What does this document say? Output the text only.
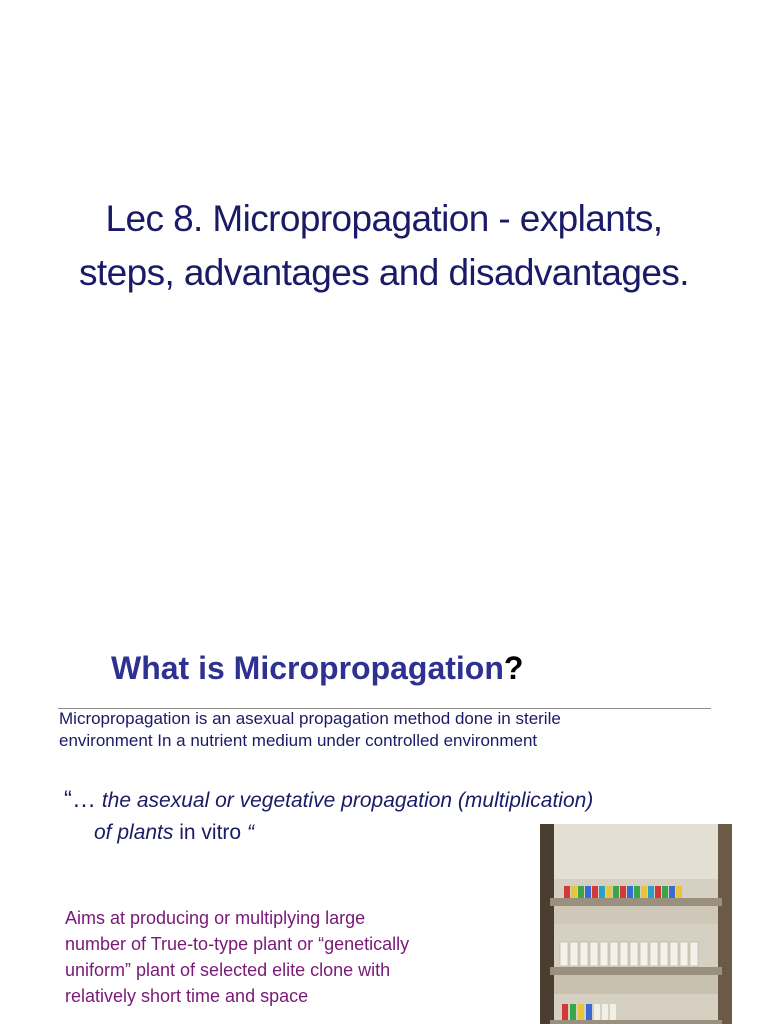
Lec 8. Micropropagation - explants,
steps, advantages and disadvantages.
What is Micropropagation?
Micropropagation is an asexual propagation method done in sterile
environment In a nutrient medium under controlled environment
“… the asexual or vegetative propagation (multiplication)
of plants in vitro “
Aims at producing or multiplying large
number of True-to-type plant or “genetically
uniform” plant of selected elite clone with
relatively short time and space
